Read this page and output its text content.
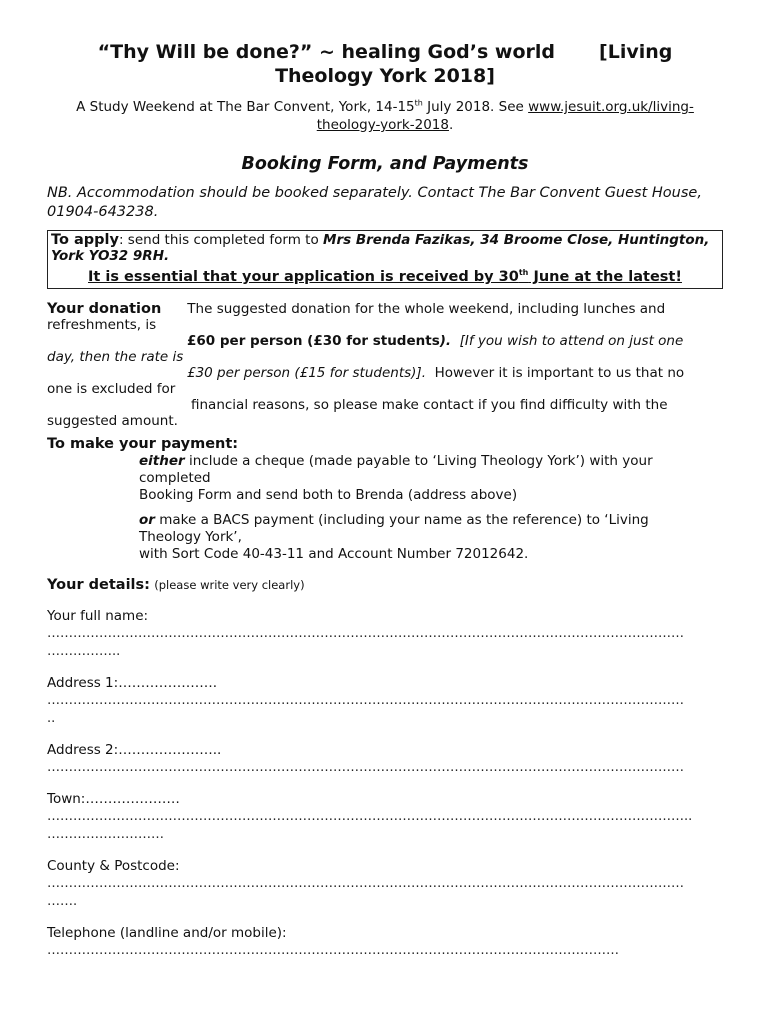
“Thy Will be done?” ~ healing God’s world [Living
Theology York 2018]
A Study Weekend at The Bar Convent, York, 14-15th July 2018. See www.jesuit.org.uk/living-
theology-york-2018.
Booking Form, and Payments
NB. Accommodation should be booked separately. Contact The Bar Convent Guest House, 01904-643238.
To apply: send this completed form to Mrs Brenda Fazikas, 34 Broome Close, Huntington, York YO32 9RH.
It is essential that your application is received by 30th June at the latest!
Your donation The suggested donation for the whole weekend, including lunches and
refreshments, is
£60 per person (£30 for students). [If you wish to attend on just one
day, then the rate is
£30 per person (£15 for students)]. However it is important to us that no
one is excluded for
financial reasons, so please make contact if you find difficulty with the
suggested amount.
To make your payment:
either include a cheque (made payable to ‘Living Theology York’) with your
completed
Booking Form and send both to Brenda (address above)
or make a BACS payment (including your name as the reference) to ‘Living
Theology York’,
with Sort Code 40-43-11 and Account Number 72012642.
Your details: (please write very clearly)
Your full name:
…………………………………………………………………………………………………………………………………
……………..
Address 1:………………….
…………………………………………………………………………………………………………………………………
..
Address 2:…………………..
…………………………………………………………………………………………………………………………………
Town:…………………
…………………………………………………………………………………………………………………………………..
………………………
County & Postcode:
…………………………………………………………………………………………………………………………………
…….
Telephone (landline and/or mobile):
……………………………………………………………………………………………………………………
